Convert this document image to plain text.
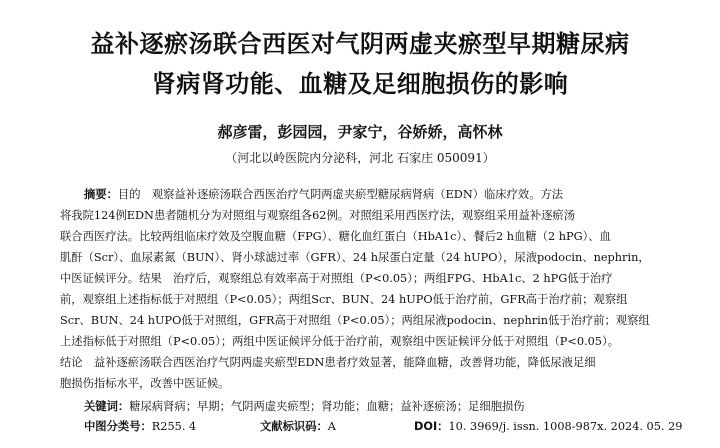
益补逐瘀汤联合西医对气阴两虚夹瘀型早期糖尿病
肾病肾功能、血糖及足细胞损伤的影响
郝彦雷，彭园园，尹家宁，谷娇娇，高怀林
（河北以岭医院内分泌科，河北 石家庄 050091）
摘要：目的　观察益补逐瘀汤联合西医治疗气阴两虚夹瘀型糖尿病肾病（EDN）临床疗效。方法
将我院124例EDN患者随机分为对照组与观察组各62例。对照组采用西医疗法，观察组采用益补逐瘀汤
联合西医疗法。比较两组临床疗效及空腹血糖（FPG）、糖化血红蛋白（HbA1c）、餐后2 h血糖（2 hPG）、血
肌酐（Scr）、血尿素氮（BUN）、肾小球滤过率（GFR）、24 h尿蛋白定量（24 hUPO），尿液podocin、nephrin，
中医证候评分。结果　治疗后，观察组总有效率高于对照组（P<0.05）；两组FPG、HbA1c、2 hPG低于治疗
前，观察组上述指标低于对照组（P<0.05）；两组Scr、BUN、24 hUPO低于治疗前，GFR高于治疗前；观察组
Scr、BUN、24 hUPO低于对照组，GFR高于对照组（P<0.05）；两组尿液podocin、nephrin低于治疗前；观察组
上述指标低于对照组（P<0.05）；两组中医证候评分低于治疗前，观察组中医证候评分低于对照组（P<0.05）。
结论　益补逐瘀汤联合西医治疗气阴两虚夹瘀型EDN患者疗效显著，能降血糖，改善肾功能，降低尿液足细
胞损伤指标水平，改善中医证候。
关键词：糖尿病肾病；早期；气阴两虚夹瘀型；肾功能；血糖；益补逐瘀汤；足细胞损伤
中图分类号：R255. 4	文献标识码：A	DOI：10. 3969/j. issn. 1008-987x. 2024. 05. 29
